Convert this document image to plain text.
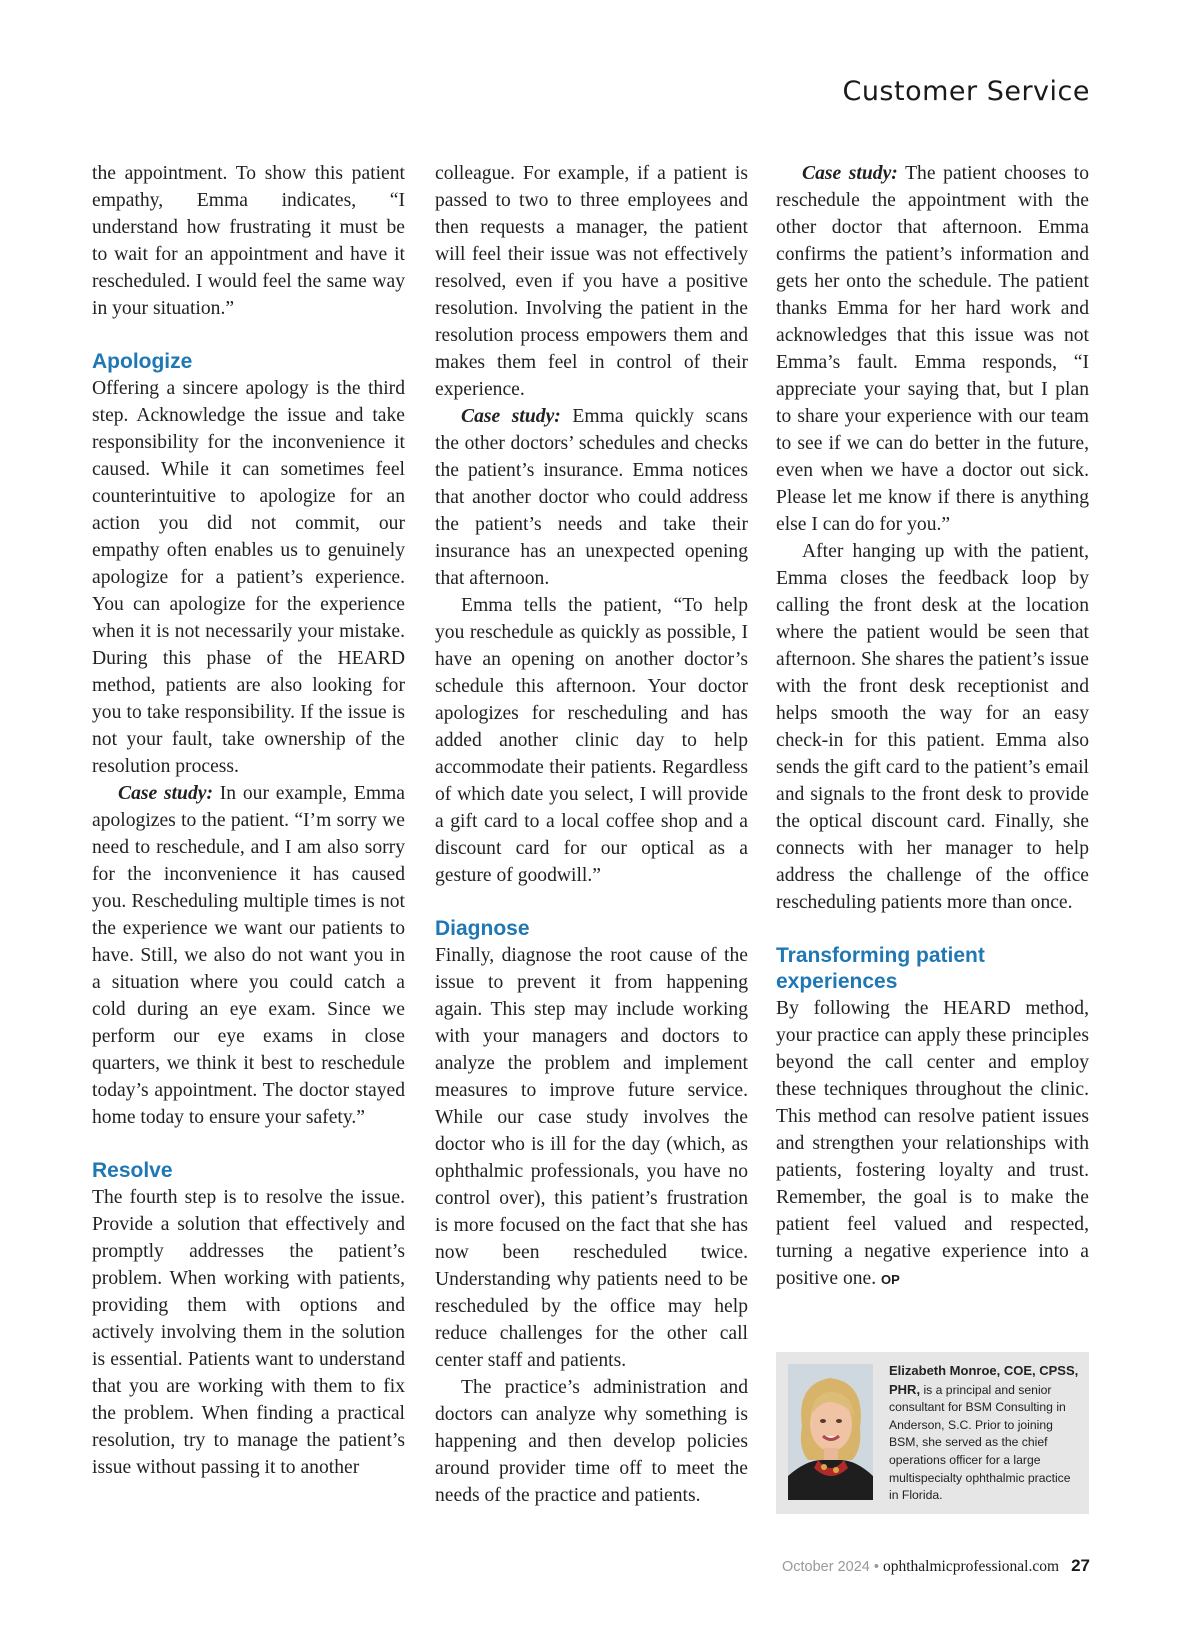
Customer Service

the appointment. To show this patient empathy, Emma indicates, “I understand how frustrating it must be to wait for an appointment and have it rescheduled. I would feel the same way in your situation.”

Apologize

Offering a sincere apology is the third step. Acknowledge the issue and take responsibility for the inconvenience it caused. While it can sometimes feel counterintuitive to apologize for an action you did not commit, our empathy often enables us to genuinely apologize for a patient’s experience. You can apologize for the experience when it is not necessarily your mistake. During this phase of the HEARD method, patients are also looking for you to take responsibility. If the issue is not your fault, take ownership of the resolution process.

Case study: In our example, Emma apologizes to the patient. “I’m sorry we need to reschedule, and I am also sorry for the inconvenience it has caused you. Rescheduling multiple times is not the experience we want our patients to have. Still, we also do not want you in a situation where you could catch a cold during an eye exam. Since we perform our eye exams in close quarters, we think it best to reschedule today’s appointment. The doctor stayed home today to ensure your safety.”

Resolve

The fourth step is to resolve the issue. Provide a solution that effectively and promptly addresses the patient’s problem. When working with patients, providing them with options and actively involving them in the solution is essential. Patients want to understand that you are working with them to fix the problem. When finding a practical resolution, try to manage the patient’s issue without passing it to another

colleague. For example, if a patient is passed to two to three employees and then requests a manager, the patient will feel their issue was not effectively resolved, even if you have a positive resolution. Involving the patient in the resolution process empowers them and makes them feel in control of their experience.

Case study: Emma quickly scans the other doctors’ schedules and checks the patient’s insurance. Emma notices that another doctor who could address the patient’s needs and take their insurance has an unexpected opening that afternoon.

Emma tells the patient, “To help you reschedule as quickly as possible, I have an opening on another doctor’s schedule this afternoon. Your doctor apologizes for rescheduling and has added another clinic day to help accommodate their patients. Regardless of which date you select, I will provide a gift card to a local coffee shop and a discount card for our optical as a gesture of goodwill.”

Diagnose

Finally, diagnose the root cause of the issue to prevent it from happening again. This step may include working with your managers and doctors to analyze the problem and implement measures to improve future service. While our case study involves the doctor who is ill for the day (which, as ophthalmic professionals, you have no control over), this patient’s frustration is more focused on the fact that she has now been rescheduled twice. Understanding why patients need to be rescheduled by the office may help reduce challenges for the other call center staff and patients.

The practice’s administration and doctors can analyze why something is happening and then develop policies around provider time off to meet the needs of the practice and patients.

Case study: The patient chooses to reschedule the appointment with the other doctor that afternoon. Emma confirms the patient’s information and gets her onto the schedule. The patient thanks Emma for her hard work and acknowledges that this issue was not Emma’s fault. Emma responds, “I appreciate your saying that, but I plan to share your experience with our team to see if we can do better in the future, even when we have a doctor out sick. Please let me know if there is anything else I can do for you.”

After hanging up with the patient, Emma closes the feedback loop by calling the front desk at the location where the patient would be seen that afternoon. She shares the patient’s issue with the front desk receptionist and helps smooth the way for an easy check-in for this patient. Emma also sends the gift card to the patient’s email and signals to the front desk to provide the optical discount card. Finally, she connects with her manager to help address the challenge of the office rescheduling patients more than once.

Transforming patient experiences

By following the HEARD method, your practice can apply these principles beyond the call center and employ these techniques throughout the clinic. This method can resolve patient issues and strengthen your relationships with patients, fostering loyalty and trust. Remember, the goal is to make the patient feel valued and respected, turning a negative experience into a positive one. OP

Elizabeth Monroe, COE, CPSS, PHR, is a principal and senior consultant for BSM Consulting in Anderson, S.C. Prior to joining BSM, she served as the chief operations officer for a large multispecialty ophthalmic practice in Florida.
October 2024 • ophthalmicprofessional.com 27
